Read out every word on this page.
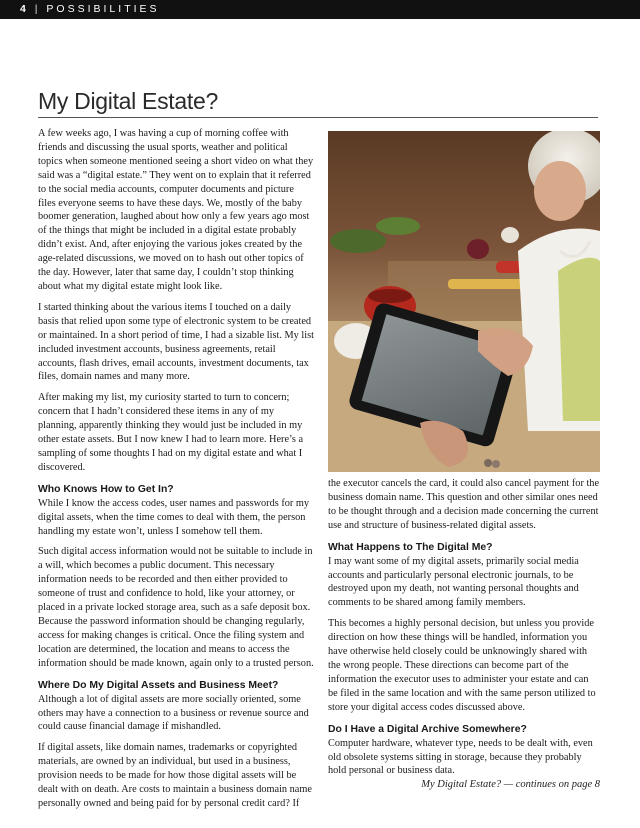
4 | POSSIBILITIES
My Digital Estate?

A few weeks ago, I was having a cup of morning coffee with friends and discussing the usual sports, weather and political topics when someone mentioned seeing a short video on what they said was a “digital estate.” They went on to explain that it referred to the social media accounts, computer documents and picture files everyone seems to have these days. We, mostly of the baby boomer generation, laughed about how only a few years ago most of the things that might be included in a digital estate probably didn’t exist. And, after enjoying the various jokes created by the age-related discussions, we moved on to hash out other topics of the day. However, later that same day, I couldn’t stop thinking about what my digital estate might look like.

I started thinking about the various items I touched on a daily basis that relied upon some type of electronic system to be created or maintained. In a short period of time, I had a sizable list. My list included investment accounts, business agreements, retail accounts, flash drives, email accounts, investment documents, tax files, domain names and many more.

After making my list, my curiosity started to turn to concern; concern that I hadn’t considered these items in any of my planning, apparently thinking they would just be included in my other estate assets. But I now knew I had to learn more. Here’s a sampling of some thoughts I had on my digital estate and what I discovered.

Who Knows How to Get In?

While I know the access codes, user names and passwords for my digital assets, when the time comes to deal with them, the person handling my estate won’t, unless I somehow tell them.

Such digital access information would not be suitable to include in a will, which becomes a public document. This necessary information needs to be recorded and then either provided to someone of trust and confidence to hold, like your attorney, or placed in a private locked storage area, such as a safe deposit box. Because the password information should be changing regularly, access for making changes is critical. Once the filing system and location are determined, the location and means to access the information should be made known, again only to a trusted person.

Where Do My Digital Assets and Business Meet?

Although a lot of digital assets are more socially oriented, some others may have a connection to a business or revenue source and could cause financial damage if mishandled.

If digital assets, like domain names, trademarks or copyrighted materials, are owned by an individual, but used in a business, provision needs to be made for how those digital assets will be dealt with on death. Are costs to maintain a business domain name personally owned and being paid for by personal credit card? If

the executor cancels the card, it could also cancel payment for the business domain name. This question and other similar ones need to be thought through and a decision made concerning the current use and structure of business-related digital assets.

What Happens to The Digital Me?

I may want some of my digital assets, primarily social media accounts and particularly personal electronic journals, to be destroyed upon my death, not wanting personal thoughts and comments to be shared among family members.

This becomes a highly personal decision, but unless you provide direction on how these things will be handled, information you have otherwise held closely could be unknowingly shared with the wrong people. These directions can become part of the information the executor uses to administer your estate and can be filed in the same location and with the same person utilized to store your digital access codes discussed above.

Do I Have a Digital Archive Somewhere?

Computer hardware, whatever type, needs to be dealt with, even old obsolete systems sitting in storage, because they probably hold personal or business data.

My Digital Estate? — continues on page 8
